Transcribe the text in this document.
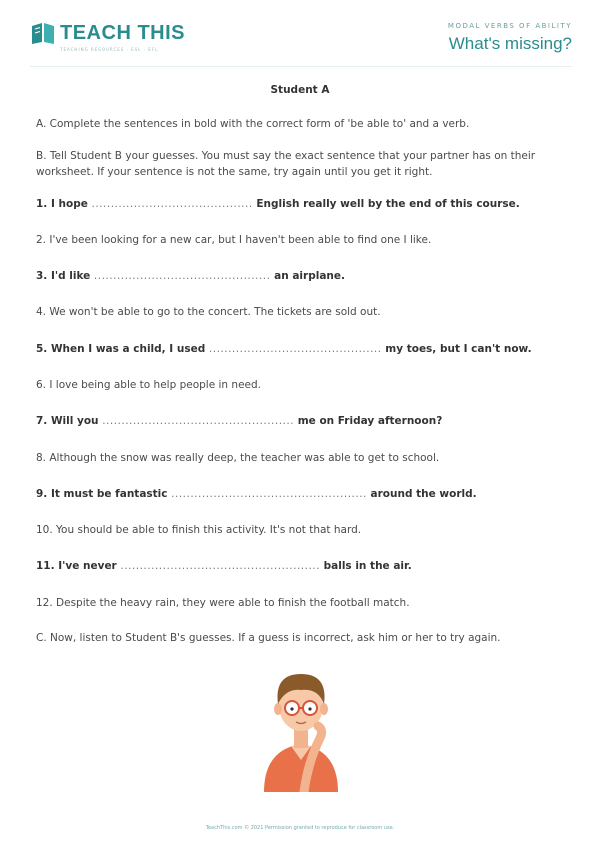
TEACH THIS
TEACHING RESOURCES · ESL · EFL
MODAL VERBS OF ABILITY
What's missing?
Student A
A. Complete the sentences in bold with the correct form of 'be able to' and a verb.
B. Tell Student B your guesses. You must say the exact sentence that your partner has on their
worksheet. If your sentence is not the same, try again until you get it right.
1. I hope .......................................... English really well by the end of this course.
2. I've been looking for a new car, but I haven't been able to find one I like.
3. I'd like .............................................. an airplane.
4. We won't be able to go to the concert. The tickets are sold out.
5. When I was a child, I used ............................................. my toes, but I can't now.
6. I love being able to help people in need.
7. Will you .................................................. me on Friday afternoon?
8. Although the snow was really deep, the teacher was able to get to school.
9. It must be fantastic ................................................... around the world.
10. You should be able to finish this activity. It's not that hard.
11. I've never .................................................... balls in the air.
12. Despite the heavy rain, they were able to finish the football match.
C. Now, listen to Student B's guesses. If a guess is incorrect, ask him or her to try again.
TeachThis.com © 2021 Permission granted to reproduce for classroom use.
